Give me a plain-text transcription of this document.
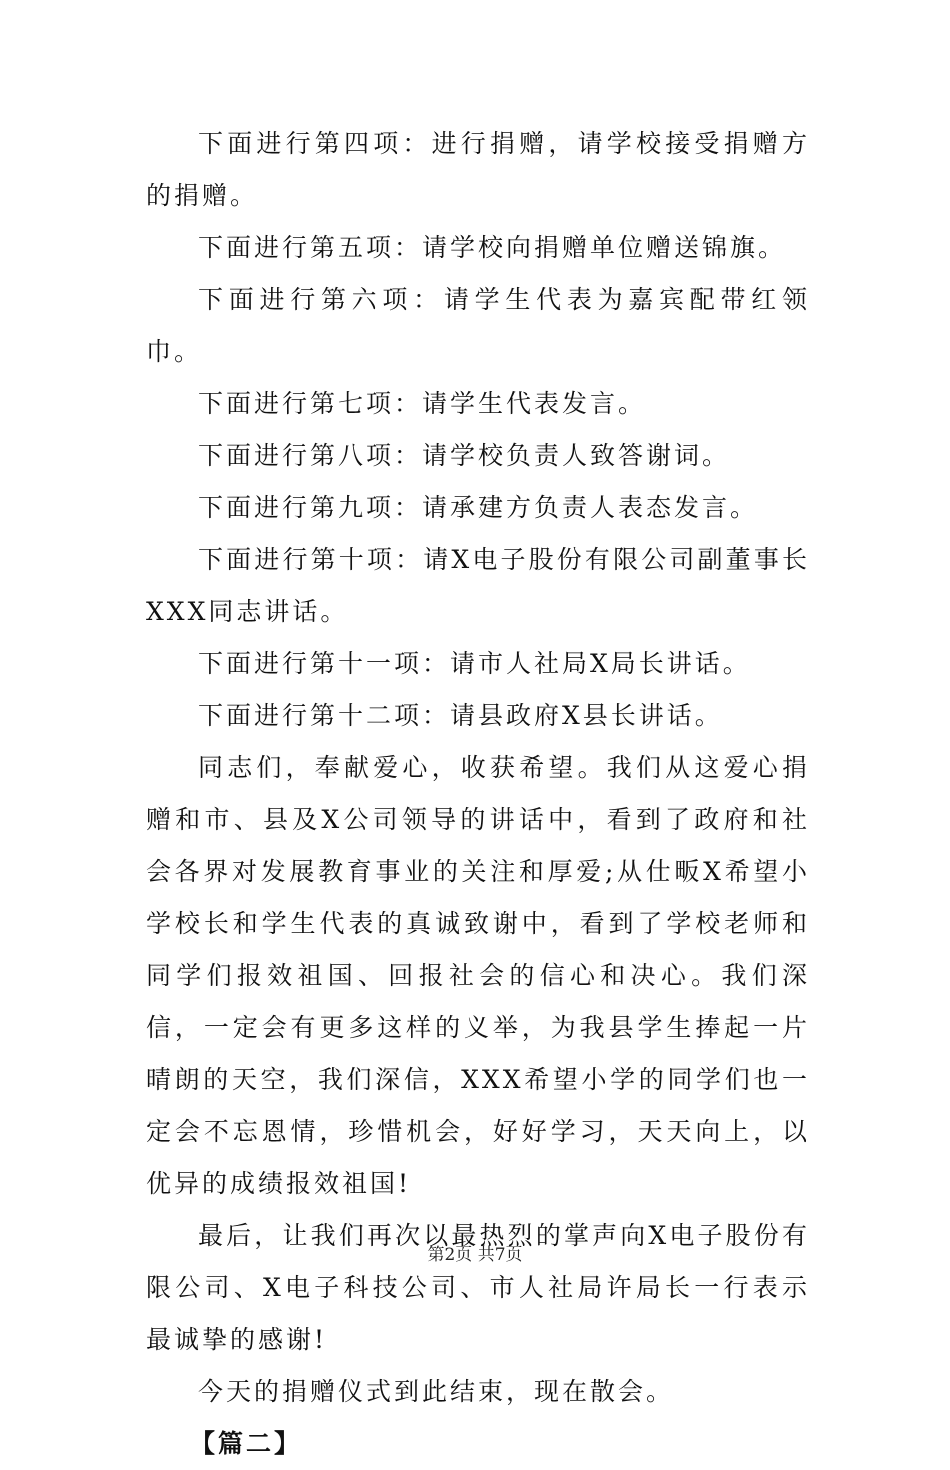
下面进行第四项：进行捐赠，请学校接受捐赠方的捐赠。

下面进行第五项：请学校向捐赠单位赠送锦旗。

下面进行第六项：请学生代表为嘉宾配带红领巾。

下面进行第七项：请学生代表发言。

下面进行第八项：请学校负责人致答谢词。

下面进行第九项：请承建方负责人表态发言。

下面进行第十项：请X电子股份有限公司副董事长XXX同志讲话。

下面进行第十一项：请市人社局X局长讲话。

下面进行第十二项：请县政府X县长讲话。

同志们，奉献爱心，收获希望。我们从这爱心捐赠和市、县及X公司领导的讲话中，看到了政府和社会各界对发展教育事业的关注和厚爱;从仕畈X希望小学校长和学生代表的真诚致谢中，看到了学校老师和同学们报效祖国、回报社会的信心和决心。我们深信，一定会有更多这样的义举，为我县学生捧起一片晴朗的天空，我们深信，XXX希望小学的同学们也一定会不忘恩情，珍惜机会，好好学习，天天向上，以优异的成绩报效祖国!

最后，让我们再次以最热烈的掌声向X电子股份有限公司、X电子科技公司、市人社局许局长一行表示最诚挚的感谢!

今天的捐赠仪式到此结束，现在散会。

【篇二】

第2页 共7页
